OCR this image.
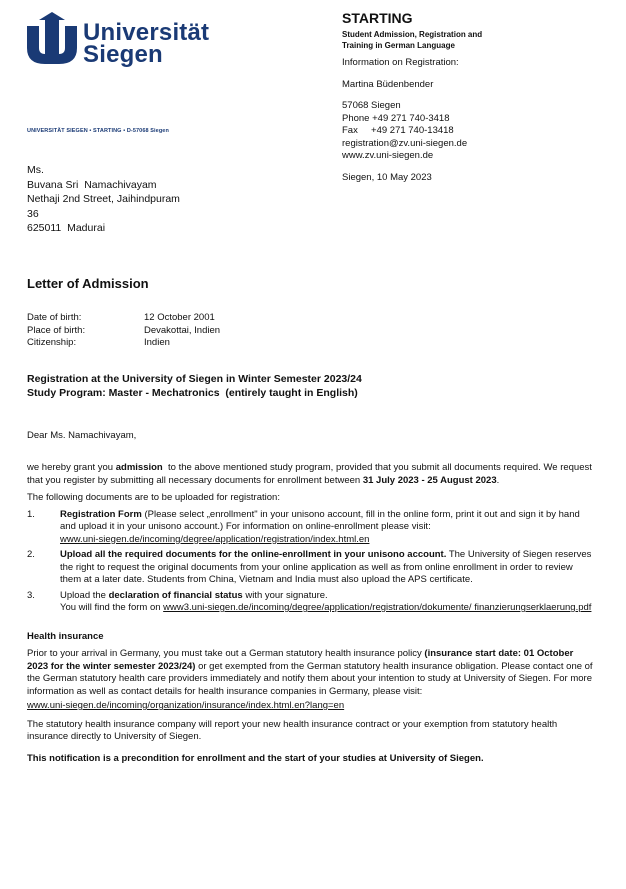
Universität
Siegen
UNIVERSITÄT SIEGEN • STARTING • D-57068 Siegen
STARTING
Student Admission, Registration and
Training in German Language
Information on Registration:
Martina Büdenbender
57068 Siegen
Phone +49 271 740-3418
Fax     +49 271 740-13418
registration@zv.uni-siegen.de
www.zv.uni-siegen.de
Siegen, 10 May 2023
Ms.
Buvana Sri  Namachivayam
Nethaji 2nd Street, Jaihindpuram
36
625011  Madurai
Letter of Admission
Date of birth:	12 October 2001
Place of birth:	Devakottai, Indien
Citizenship:	Indien
Registration at the University of Siegen in Winter Semester 2023/24
Study Program: Master - Mechatronics  (entirely taught in English)
Dear Ms. Namachivayam,

we hereby grant you admission  to the above mentioned study program, provided that you submit all documents required. We request that you register by submitting all necessary documents for enrollment between 31 July 2023 - 25 August 2023.

The following documents are to be uploaded for registration:

1.	Registration Form (Please select „enrollment" in your unisono account, fill in the online form, print it out and sign it by hand and upload it in your unisono account.) For information on online-enrollment please visit:
www.uni-siegen.de/incoming/degree/application/registration/index.html.en
2.	Upload all the required documents for the online-enrollment in your unisono account. The University of Siegen reserves the right to request the original documents from your online application as well as from online enrollment in order to review them at a later date. Students from China, Vietnam and India must also upload the APS certificate.
3.	Upload the declaration of financial status with your signature.
You will find the form on www3.uni-siegen.de/incoming/degree/application/registration/dokumente/ finanzierungserklaerung.pdf

Health insurance

Prior to your arrival in Germany, you must take out a German statutory health insurance policy (insurance start date: 01 October 2023 for the winter semester 2023/24) or get exempted from the German statutory health insurance obligation. Please contact one of the German statutory health care providers immediately and notify them about your intention to study at University of Siegen. For more information as well as contact details for health insurance companies in Germany, please visit:

www.uni-siegen.de/incoming/organization/insurance/index.html.en?lang=en

The statutory health insurance company will report your new health insurance contract or your exemption from statutory health insurance directly to University of Siegen.

This notification is a precondition for enrollment and the start of your studies at University of Siegen.
